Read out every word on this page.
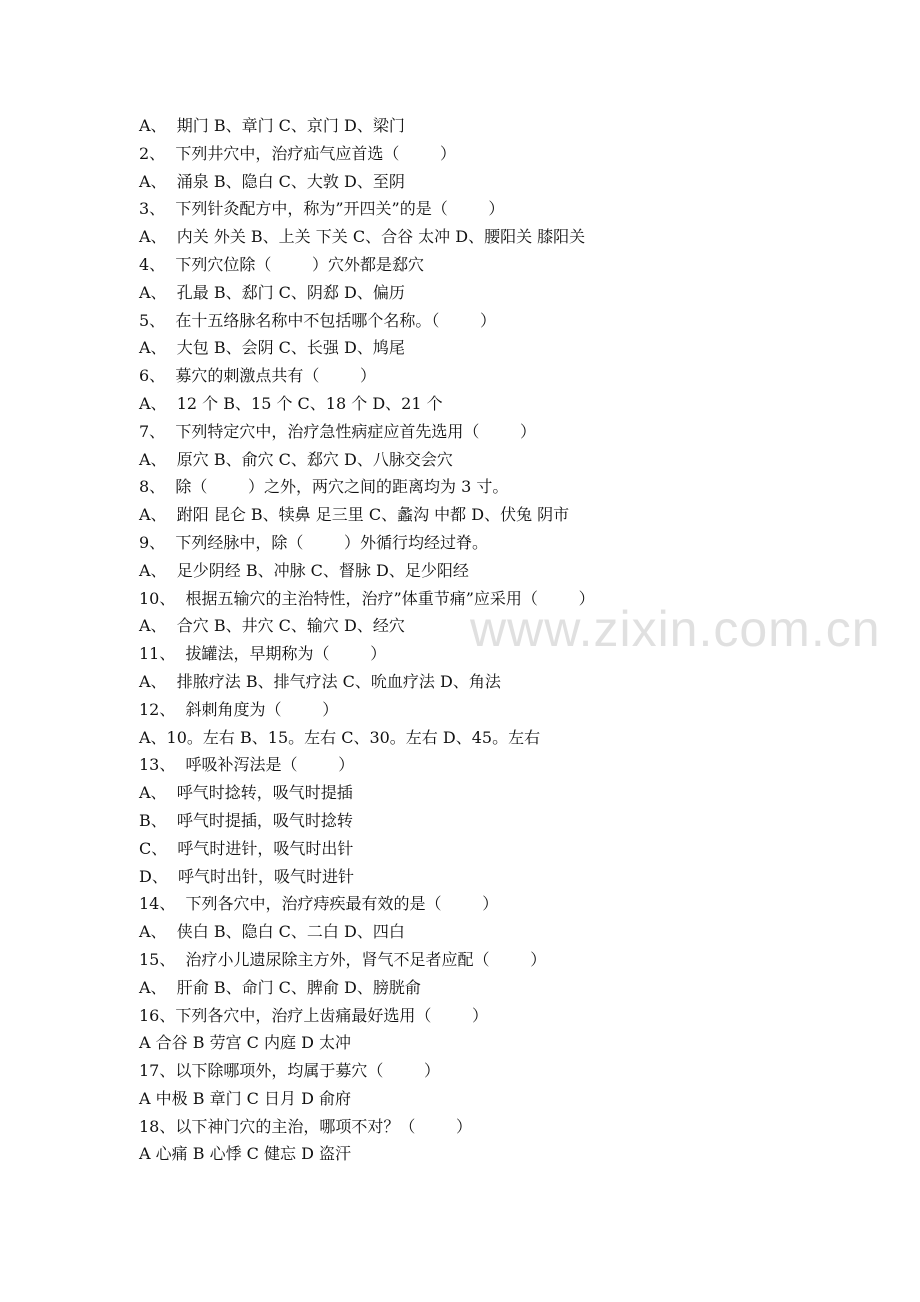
A、  期门 B、章门 C、京门 D、梁门
2、  下列井穴中，治疗疝气应首选（        ）
A、  涌泉 B、隐白 C、大敦 D、至阴
3、  下列针灸配方中，称为”开四关”的是（        ）
A、  内关 外关 B、上关 下关 C、合谷 太冲 D、腰阳关 膝阳关
4、  下列穴位除（        ）穴外都是郄穴
A、  孔最 B、郄门 C、阴郄 D、偏历
5、  在十五络脉名称中不包括哪个名称。（        ）
A、  大包 B、会阴 C、长强 D、鸠尾
6、  募穴的刺激点共有（        ）
A、  12 个 B、15 个 C、18 个 D、21 个
7、  下列特定穴中，治疗急性病症应首先选用（        ）
A、  原穴 B、俞穴 C、郄穴 D、八脉交会穴
8、  除（        ）之外，两穴之间的距离均为 3 寸。
A、  跗阳 昆仑 B、犊鼻 足三里 C、蠡沟 中都 D、伏兔 阴市
9、  下列经脉中，除（        ）外循行均经过脊。
A、  足少阴经 B、冲脉 C、督脉 D、足少阳经
10、  根据五输穴的主治特性，治疗”体重节痛”应采用（        ）
A、  合穴 B、井穴 C、输穴 D、经穴
11、  拔罐法，早期称为（        ）
A、  排脓疗法 B、排气疗法 C、吮血疗法 D、角法
12、  斜刺角度为（        ）
A、10。左右 B、15。左右 C、30。左右 D、45。左右
13、  呼吸补泻法是（        ）
A、  呼气时捻转，吸气时提插
B、  呼气时提插，吸气时捻转
C、  呼气时进针，吸气时出针
D、  呼气时出针，吸气时进针
14、  下列各穴中，治疗痔疾最有效的是（        ）
A、  侠白 B、隐白 C、二白 D、四白
15、  治疗小儿遗尿除主方外，肾气不足者应配（        ）
A、  肝俞 B、命门 C、脾俞 D、膀胱俞
16、下列各穴中，治疗上齿痛最好选用（        ）
A 合谷 B 劳宫 C 内庭 D 太冲
17、以下除哪项外，均属于募穴（        ）
A 中极 B 章门 C 日月 D 俞府
18、以下神门穴的主治，哪项不对？（        ）
A 心痛 B 心悸 C 健忘 D 盗汗
www.zixin.com.cn
